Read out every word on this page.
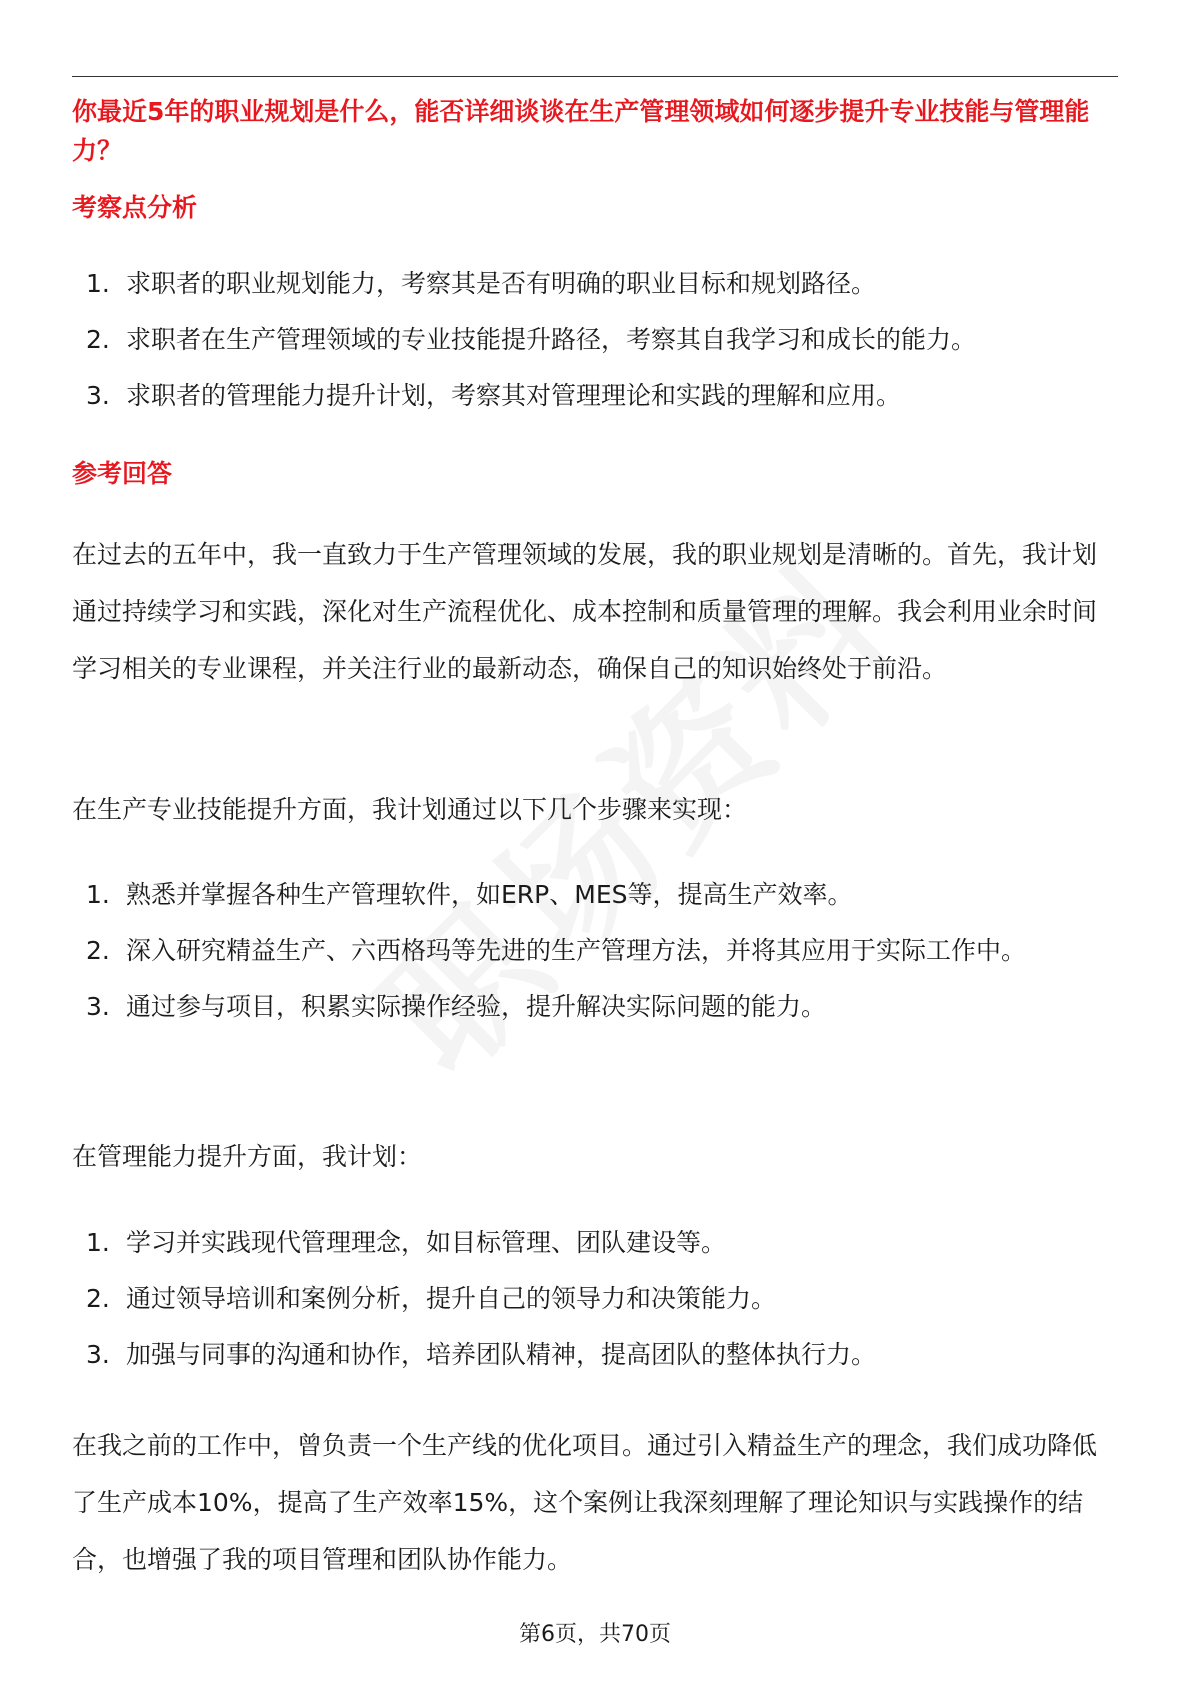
你最近5年的职业规划是什么，能否详细谈谈在生产管理领域如何逐步提升专业技能与管理能力？
考察点分析
1. 求职者的职业规划能力，考察其是否有明确的职业目标和规划路径。
2. 求职者在生产管理领域的专业技能提升路径，考察其自我学习和成长的能力。
3. 求职者的管理能力提升计划，考察其对管理理论和实践的理解和应用。
参考回答

在过去的五年中，我一直致力于生产管理领域的发展，我的职业规划是清晰的。首先，我计划通过持续学习和实践，深化对生产流程优化、成本控制和质量管理的理解。我会利用业余时间学习相关的专业课程，并关注行业的最新动态，确保自己的知识始终处于前沿。

在生产专业技能提升方面，我计划通过以下几个步骤来实现：

1. 熟悉并掌握各种生产管理软件，如ERP、MES等，提高生产效率。
2. 深入研究精益生产、六西格玛等先进的生产管理方法，并将其应用于实际工作中。
3. 通过参与项目，积累实际操作经验，提升解决实际问题的能力。

在管理能力提升方面，我计划：

1. 学习并实践现代管理理念，如目标管理、团队建设等。
2. 通过领导培训和案例分析，提升自己的领导力和决策能力。
3. 加强与同事的沟通和协作，培养团队精神，提高团队的整体执行力。

在我之前的工作中，曾负责一个生产线的优化项目。通过引入精益生产的理念，我们成功降低了生产成本10%，提高了生产效率15%，这个案例让我深刻理解了理论知识与实践操作的结合，也增强了我的项目管理和团队协作能力。

第6页，共70页
